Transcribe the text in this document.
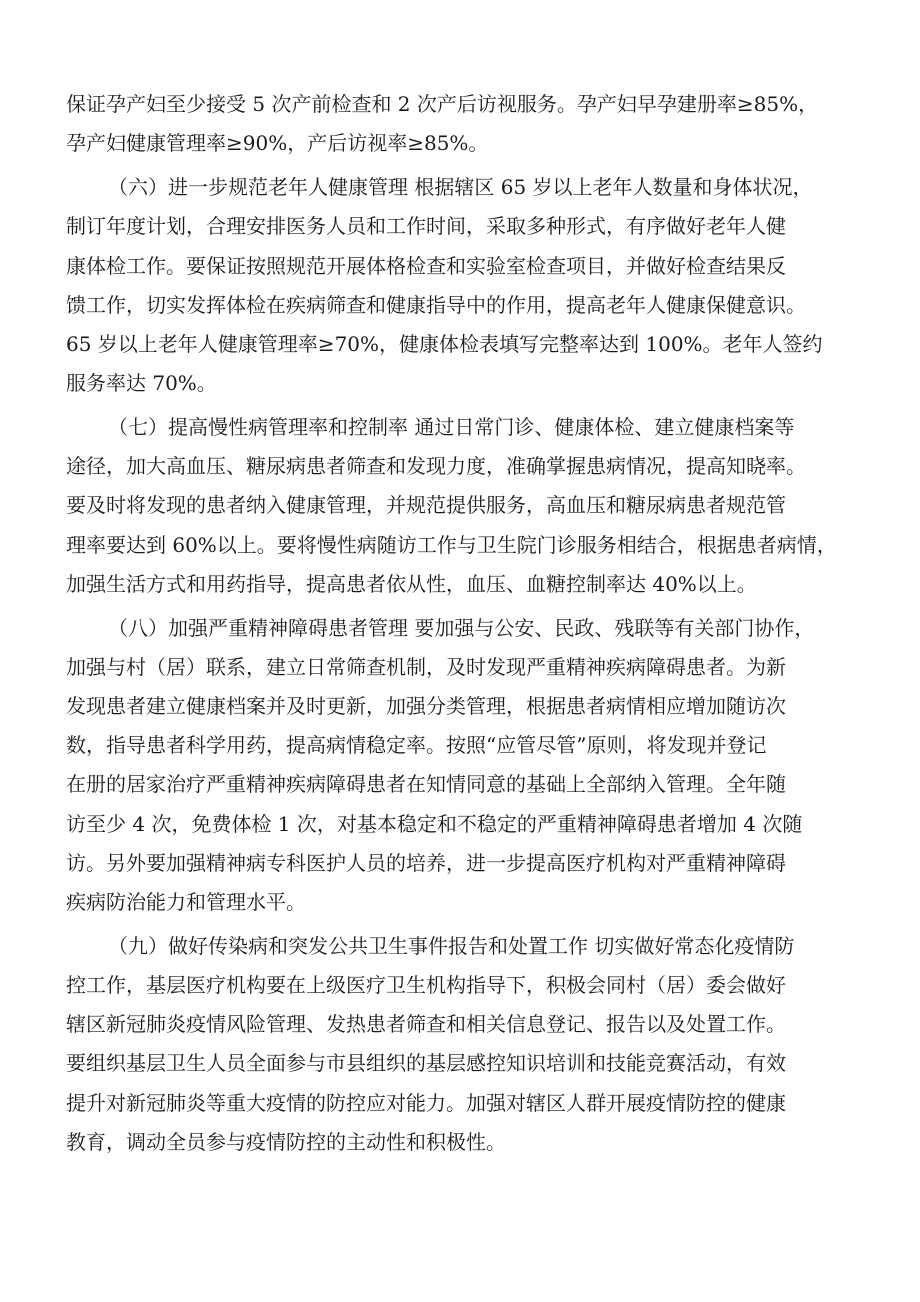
保证孕产妇至少接受 5 次产前检查和 2 次产后访视服务。孕产妇早孕建册率≥85%，
孕产妇健康管理率≥90%，产后访视率≥85%。
（六）进一步规范老年人健康管理 根据辖区 65 岁以上老年人数量和身体状况，
制订年度计划，合理安排医务人员和工作时间，采取多种形式，有序做好老年人健
康体检工作。要保证按照规范开展体格检查和实验室检查项目，并做好检查结果反
馈工作，切实发挥体检在疾病筛查和健康指导中的作用，提高老年人健康保健意识。
65 岁以上老年人健康管理率≥70%，健康体检表填写完整率达到 100%。老年人签约
服务率达 70%。
（七）提高慢性病管理率和控制率 通过日常门诊、健康体检、建立健康档案等
途径，加大高血压、糖尿病患者筛查和发现力度，准确掌握患病情况，提高知晓率。
要及时将发现的患者纳入健康管理，并规范提供服务，高血压和糖尿病患者规范管
理率要达到 60%以上。要将慢性病随访工作与卫生院门诊服务相结合，根据患者病情，
加强生活方式和用药指导，提高患者依从性，血压、血糖控制率达 40%以上。
（八）加强严重精神障碍患者管理 要加强与公安、民政、残联等有关部门协作，
加强与村（居）联系，建立日常筛查机制，及时发现严重精神疾病障碍患者。为新
发现患者建立健康档案并及时更新，加强分类管理，根据患者病情相应增加随访次
数，指导患者科学用药，提高病情稳定率。按照“应管尽管”原则，将发现并登记
在册的居家治疗严重精神疾病障碍患者在知情同意的基础上全部纳入管理。全年随
访至少 4 次，免费体检 1 次，对基本稳定和不稳定的严重精神障碍患者增加 4 次随
访。另外要加强精神病专科医护人员的培养，进一步提高医疗机构对严重精神障碍
疾病防治能力和管理水平。
（九）做好传染病和突发公共卫生事件报告和处置工作 切实做好常态化疫情防
控工作，基层医疗机构要在上级医疗卫生机构指导下，积极会同村（居）委会做好
辖区新冠肺炎疫情风险管理、发热患者筛查和相关信息登记、报告以及处置工作。
要组织基层卫生人员全面参与市县组织的基层感控知识培训和技能竞赛活动，有效
提升对新冠肺炎等重大疫情的防控应对能力。加强对辖区人群开展疫情防控的健康
教育，调动全员参与疫情防控的主动性和积极性。
